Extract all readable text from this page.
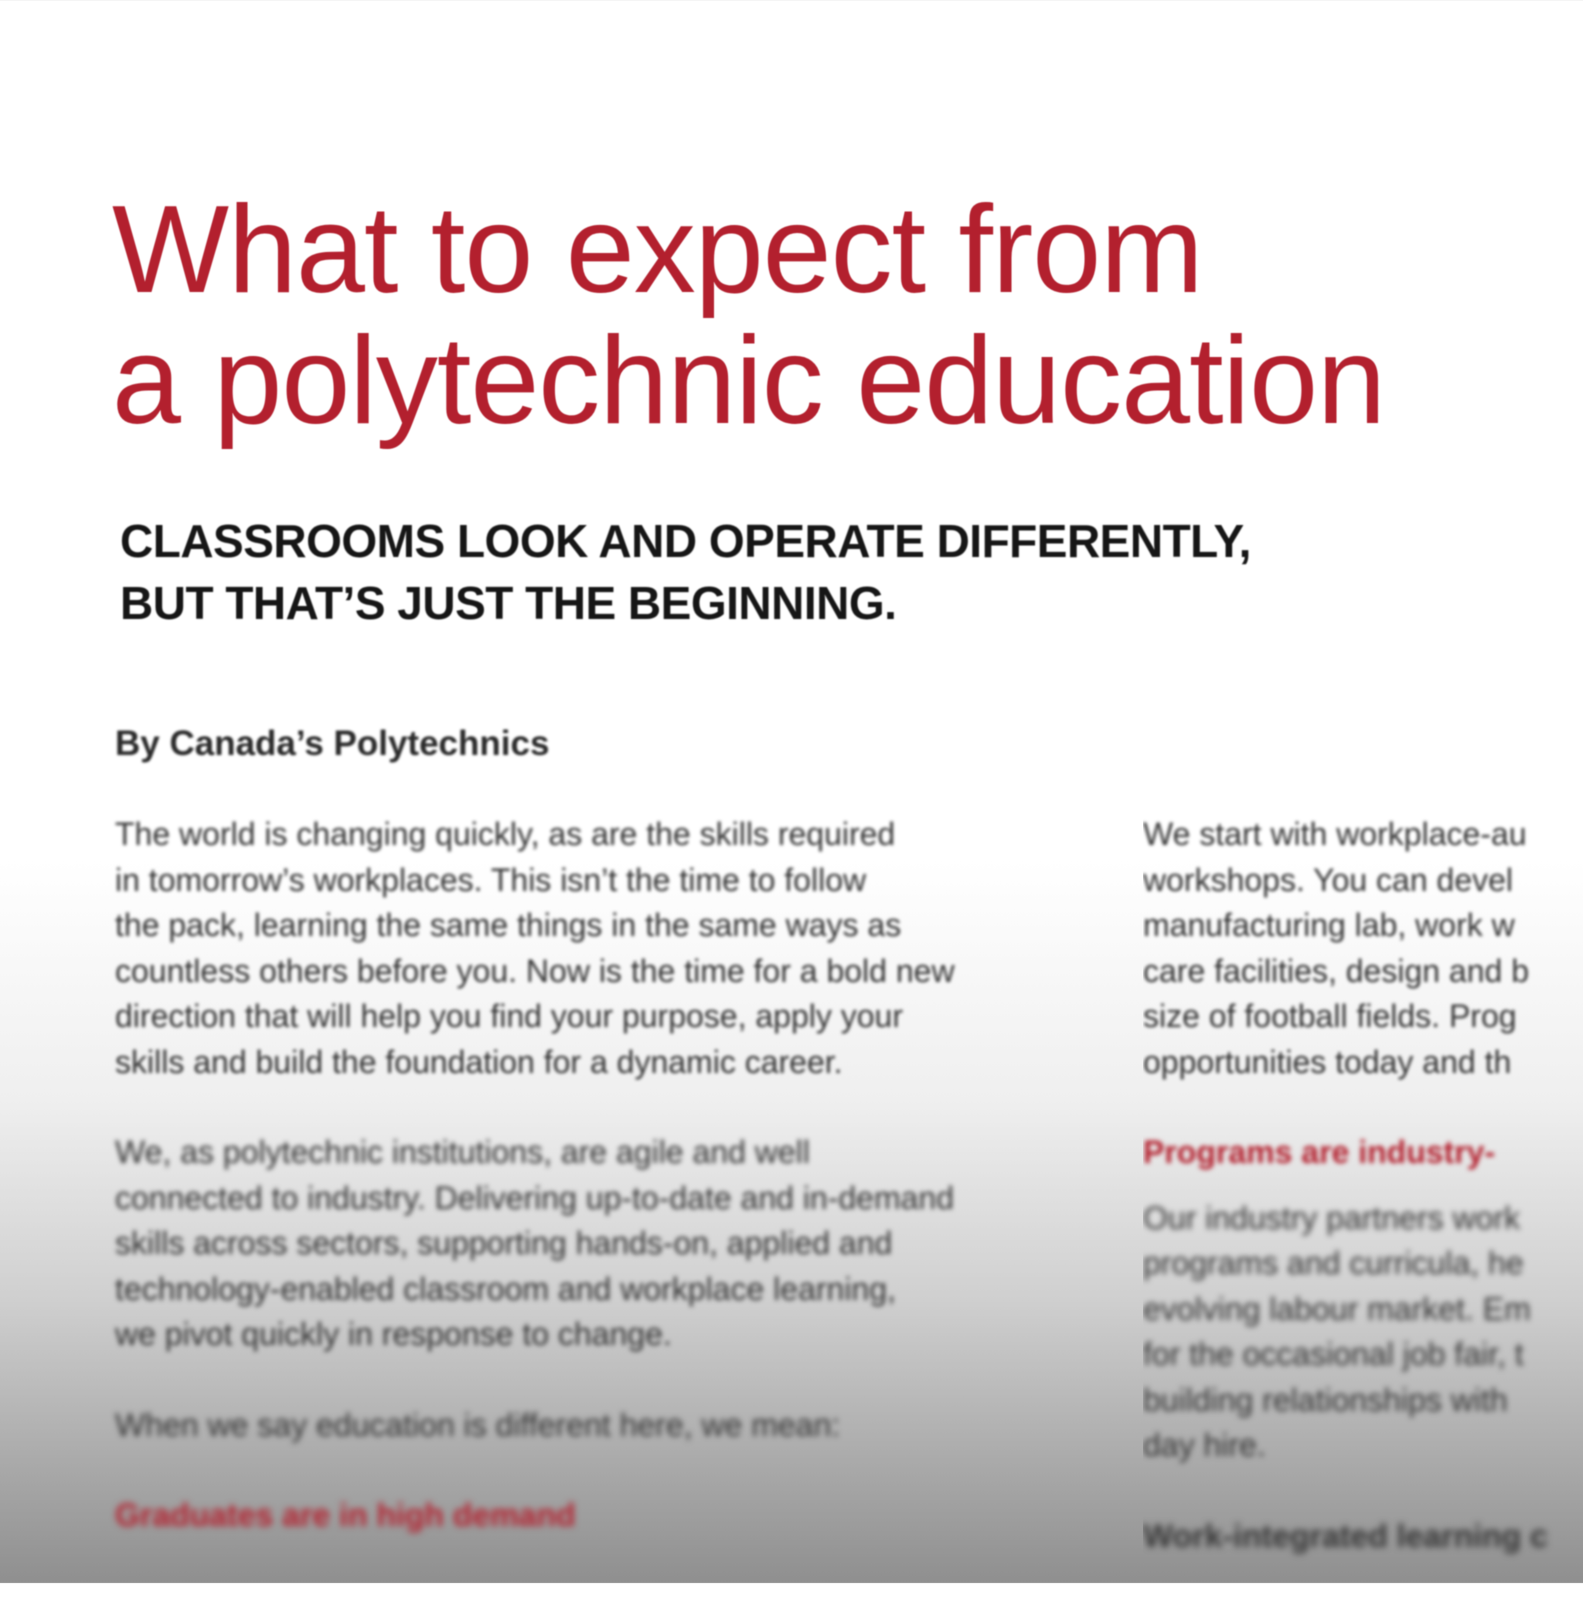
What to expect from
a polytechnic education
CLASSROOMS LOOK AND OPERATE DIFFERENTLY,
BUT THAT’S JUST THE BEGINNING.
By Canada’s Polytechnics

The world is changing quickly, as are the skills required
in tomorrow’s workplaces. This isn’t the time to follow
the pack, learning the same things in the same ways as
countless others before you. Now is the time for a bold new
direction that will help you find your purpose, apply your
skills and build the foundation for a dynamic career.

We, as polytechnic institutions, are agile and well
connected to industry. Delivering up-to-date and in-demand
skills across sectors, supporting hands-on, applied and
technology-enabled classroom and workplace learning,
we pivot quickly in response to change.

When we say education is different here, we mean:

Graduates are in high demand

We start with workplace-au
workshops. You can devel
manufacturing lab, work w
care facilities, design and b
size of football fields. Prog
opportunities today and th

Programs are industry-

Our industry partners work
programs and curricula, he
evolving labour market. Em
for the occasional job fair, t
building relationships with
day hire.

Work-integrated learning c
